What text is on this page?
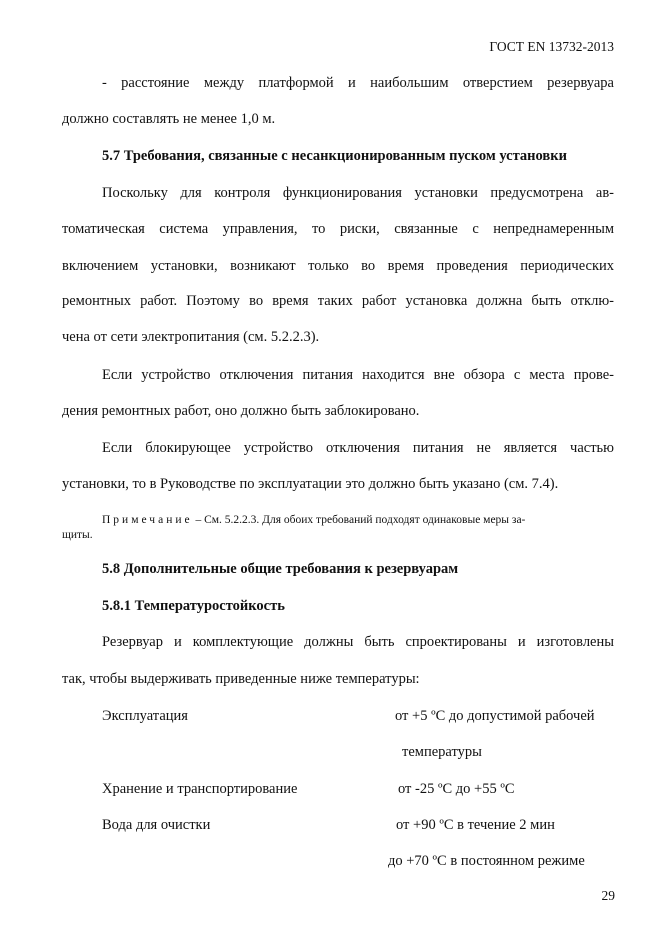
ГОСТ EN 13732-2013
- расстояние между платформой и наибольшим отверстием резервуара
должно составлять не менее 1,0 м.
5.7 Требования, связанные с несанкционированным пуском установки
Поскольку для контроля функционирования установки предусмотрена ав-
томатическая система управления, то риски, связанные с непреднамеренным
включением установки, возникают только во время проведения периодических
ремонтных работ. Поэтому во время таких работ установка должна быть отклю-
чена от сети электропитания (см. 5.2.2.3).
Если устройство отключения питания находится вне обзора с места прове-
дения ремонтных работ, оно должно быть заблокировано.
Если блокирующее устройство отключения питания не является частью
установки, то в Руководстве по эксплуатации это должно быть указано (см. 7.4).
Примечание – См. 5.2.2.3. Для обоих требований подходят одинаковые меры за-
щиты.
5.8 Дополнительные общие требования к резервуарам
5.8.1 Температуростойкость
Резервуар и комплектующие должны быть спроектированы и изготовлены
так, чтобы выдерживать приведенные ниже температуры:
Эксплуатация	от +5 ºС до допустимой рабочей
температуры
Хранение и транспортирование	от -25 ºС до +55 ºС
Вода для очистки	от +90 ºС в течение 2 мин
до +70 ºС в постоянном режиме
29
